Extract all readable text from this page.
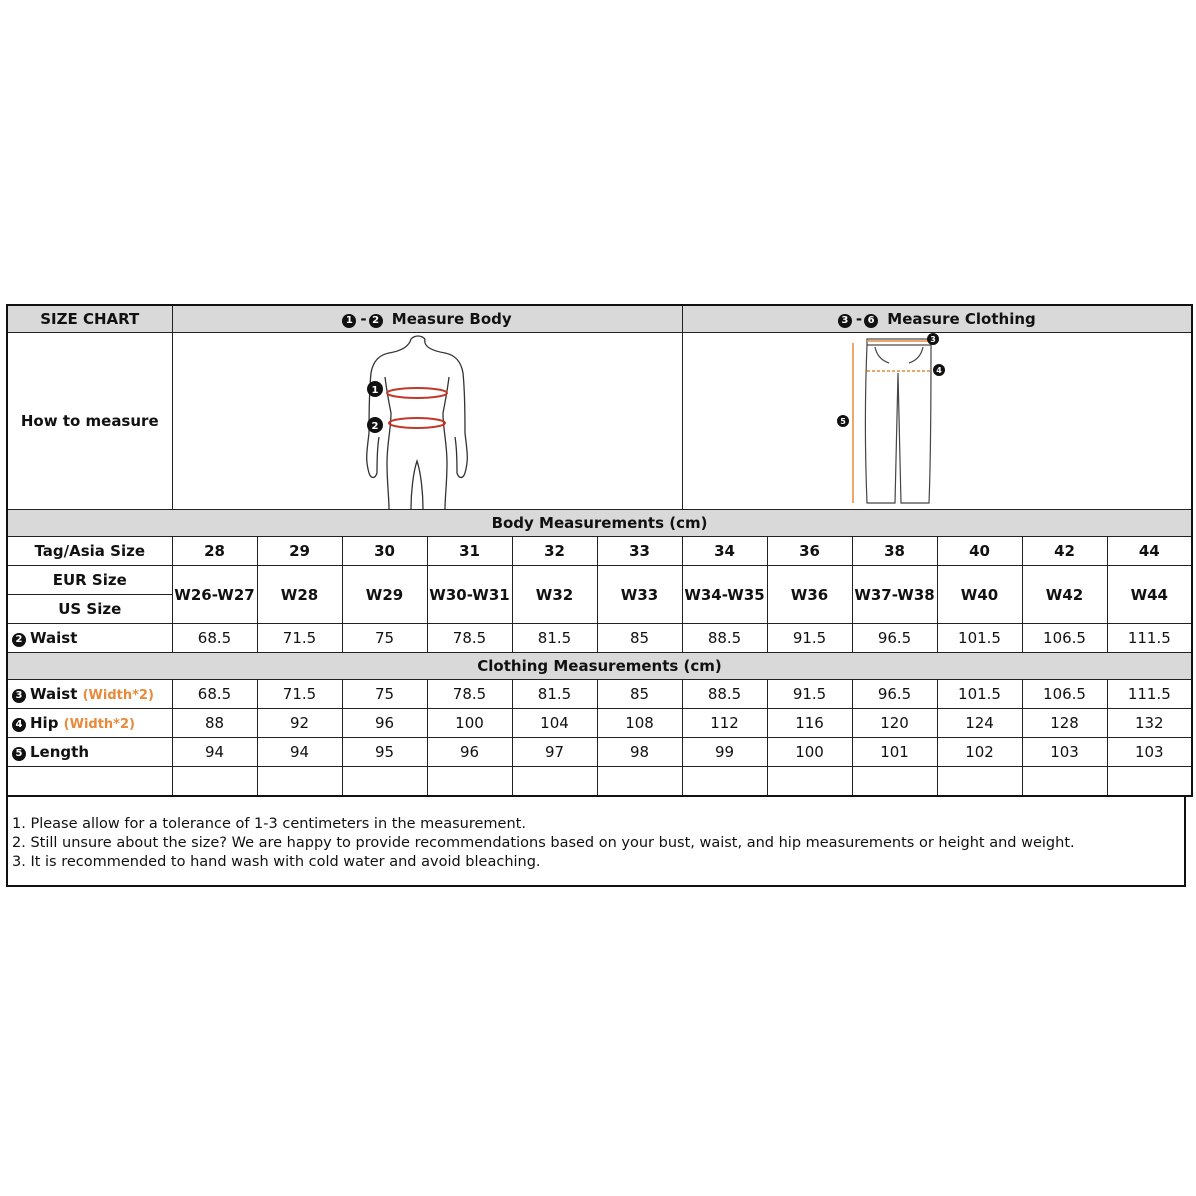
SIZE CHART	1 - 2 Measure Body						3 - 6 Measure Clothing					
How to measure	1
2						3
4
5					

Body Measurements (cm)												
Tag/Asia Size	28	29	30	31	32	33	34	36	38	40	42	44
EUR Size	W26-W27	W28	W29	W30-W31	W32	W33	W34-W35	W36	W37-W38	W40	W42	W44
US Size												
2 Waist	68.5	71.5	75	78.5	81.5	85	88.5	91.5	96.5	101.5	106.5	111.5
Clothing Measurements (cm)												
3 Waist (Width*2)	68.5	71.5	75	78.5	81.5	85	88.5	91.5	96.5	101.5	106.5	111.5
4 Hip (Width*2)	88	92	96	100	104	108	112	116	120	124	128	132
5 Length	94	94	95	96	97	98	99	100	101	102	103	103

1. Please allow for a tolerance of 1-3 centimeters in the measurement.
2. Still unsure about the size? We are happy to provide recommendations based on your bust, waist, and hip measurements or height and weight.
3. It is recommended to hand wash with cold water and avoid bleaching.
